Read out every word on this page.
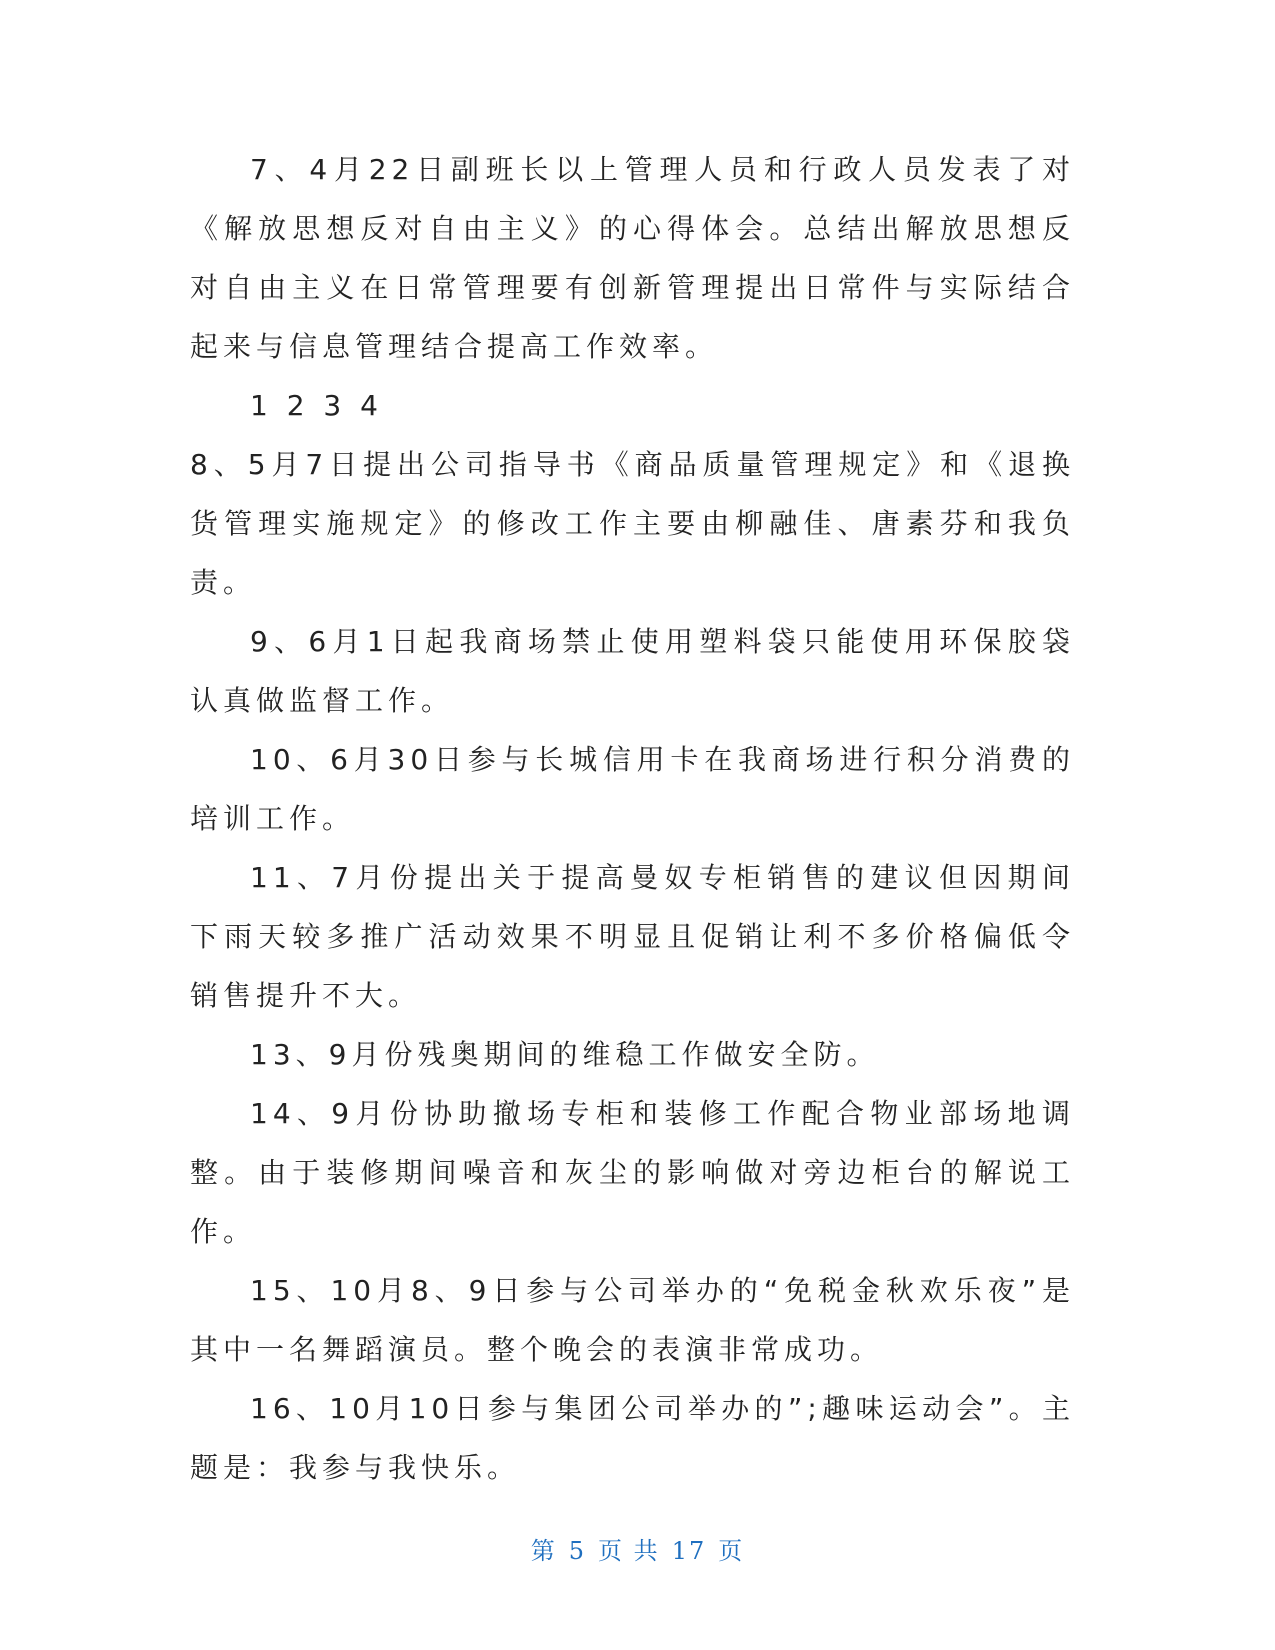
7、4月22日副班长以上管理人员和行政人员发表了对《解放思想反对自由主义》的心得体会。总结出解放思想反对自由主义在日常管理要有创新管理提出日常件与实际结合起来与信息管理结合提高工作效率。

1 2 3 4

8、5月7日提出公司指导书《商品质量管理规定》和《退换货管理实施规定》的修改工作主要由柳融佳、唐素芬和我负责。

9、6月1日起我商场禁止使用塑料袋只能使用环保胶袋认真做监督工作。

10、6月30日参与长城信用卡在我商场进行积分消费的培训工作。

11、7月份提出关于提高曼奴专柜销售的建议但因期间下雨天较多推广活动效果不明显且促销让利不多价格偏低令销售提升不大。

13、9月份残奥期间的维稳工作做安全防。

14、9月份协助撤场专柜和装修工作配合物业部场地调整。由于装修期间噪音和灰尘的影响做对旁边柜台的解说工作。

15、10月8、9日参与公司举办的“免税金秋欢乐夜”是其中一名舞蹈演员。整个晚会的表演非常成功。

16、10月10日参与集团公司举办的”;趣味运动会”。主题是：我参与我快乐。

第 5 页 共 17 页
